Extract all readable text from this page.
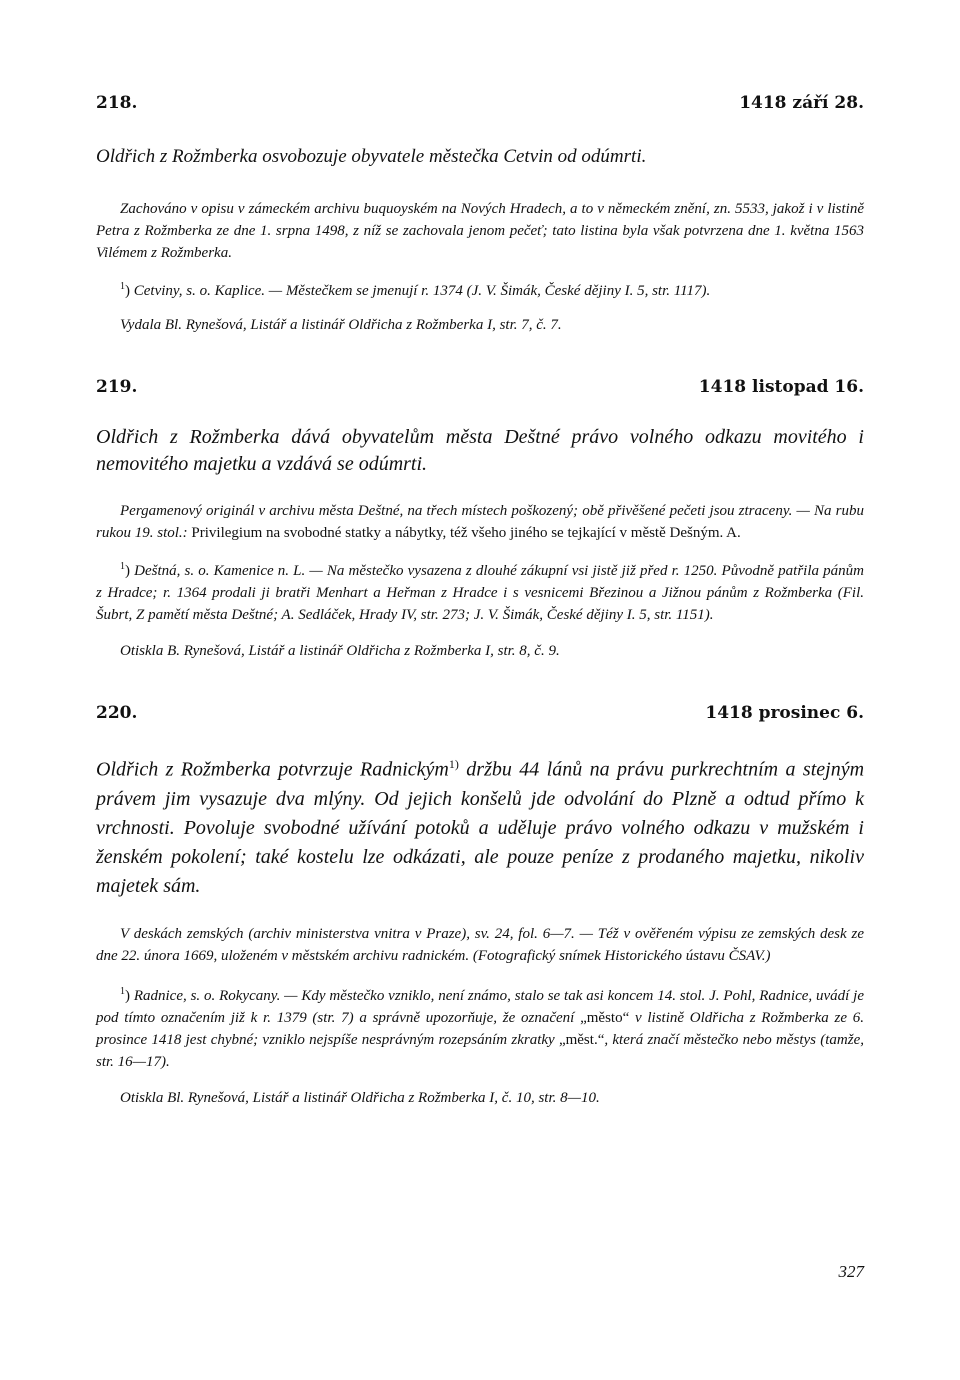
218.	1418 září 28.

Oldřich z Rožmberka osvobozuje obyvatele městečka Cetvin od odúmrti.

Zachováno v opisu v zámeckém archivu buquoyském na Nových Hradech, a to v německém znění, zn. 5533, jakož i v listině Petra z Rožmberka ze dne 1. srpna 1498, z níž se zachovala jenom pečeť; tato listina byla však potvrzena dne 1. května 1563 Vilémem z Rožmberka.

$^1$) Cetviny, s. o. Kaplice. — Městečkem se jmenují r. 1374 (J. V. Šimák, České dějiny I. 5, str. 1117).

Vydala Bl. Rynešová, Listář a listinář Oldřicha z Rožmberka I, str. 7, č. 7.

219.	1418 listopad 16.

Oldřich z Rožmberka dává obyvatelům města Deštné právo volného odkazu movitého i nemovitého majetku a vzdává se odúmrti.

Pergamenový originál v archivu města Deštné, na třech místech poškozený; obě přivěšené pečeti jsou ztraceny. — Na rubu rukou 19. stol.: Privilegium na svobodné statky a nábytky, též všeho jiného se tejkající v městě Dešným. A.

$^1$) Deštná, s. o. Kamenice n. L. — Na městečko vysazena z dlouhé zákupní vsi jistě již před r. 1250. Původně patřila pánům z Hradce; r. 1364 prodali ji bratři Menhart a Heřman z Hradce i s vesnicemi Březinou a Jižnou pánům z Rožmberka (Fil. Šubrt, Z pamětí města Deštné; A. Sedláček, Hrady IV, str. 273; J. V. Šimák, České dějiny I. 5, str. 1151).

Otiskla B. Rynešová, Listář a listinář Oldřicha z Rožmberka I, str. 8, č. 9.

220.	1418 prosinec 6.

Oldřich z Rožmberka potvrzuje Radnickým$^{1)}$ držbu 44 lánů na právu purkrechtním a stejným právem jim vysazuje dva mlýny. Od jejich konšelů jde odvolání do Plzně a odtud přímo k vrchnosti. Povoluje svobodné užívání potoků a uděluje právo volného odkazu v mužském i ženském pokolení; také kostelu lze odkázati, ale pouze peníze z prodaného majetku, nikoliv majetek sám.

V deskách zemských (archiv ministerstva vnitra v Praze), sv. 24, fol. 6—7. — Též v ověřeném výpisu ze zemských desk ze dne 22. února 1669, uloženém v městském archivu radnickém. (Fotografický snímek Historického ústavu ČSAV.)

$^1$) Radnice, s. o. Rokycany. — Kdy městečko vzniklo, není známo, stalo se tak asi koncem 14. stol. J. Pohl, Radnice, uvádí je pod tímto označením již k r. 1379 (str. 7) a správně upozorňuje, že označení „město“ v listině Oldřicha z Rožmberka ze 6. prosince 1418 jest chybné; vzniklo nejspíše nesprávným rozepsáním zkratky „měst.“, která značí městečko nebo městys (tamže, str. 16—17).

Otiskla Bl. Rynešová, Listář a listinář Oldřicha z Rožmberka I, č. 10, str. 8—10.

327
